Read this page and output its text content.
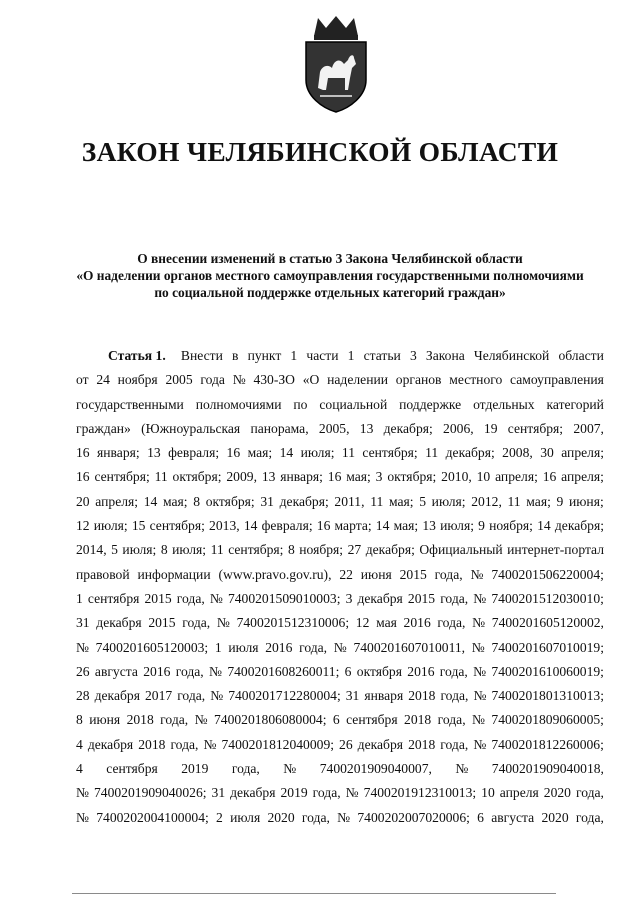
ЗАКОН ЧЕЛЯБИНСКОЙ ОБЛАСТИ
О внесении изменений в статью 3 Закона Челябинской области
«О наделении органов местного самоуправления государственными полномочиями
по социальной поддержке отдельных категорий граждан»
Статья 1. Внести в пункт 1 части 1 статьи 3 Закона Челябинской области
от 24 ноября 2005 года № 430-ЗО «О наделении органов местного самоуправления
государственными полномочиями по социальной поддержке отдельных категорий
граждан» (Южноуральская панорама, 2005, 13 декабря; 2006, 19 сентября; 2007,
16 января; 13 февраля; 16 мая; 14 июля; 11 сентября; 11 декабря; 2008, 30 апреля;
16 сентября; 11 октября; 2009, 13 января; 16 мая; 3 октября; 2010, 10 апреля; 16 апреля;
20 апреля; 14 мая; 8 октября; 31 декабря; 2011, 11 мая; 5 июля; 2012, 11 мая; 9 июня;
12 июля; 15 сентября; 2013, 14 февраля; 16 марта; 14 мая; 13 июля; 9 ноября; 14 декабря;
2014, 5 июля; 8 июля; 11 сентября; 8 ноября; 27 декабря; Официальный интернет-портал
правовой информации (www.pravo.gov.ru), 22 июня 2015 года, № 7400201506220004;
1 сентября 2015 года, № 7400201509010003; 3 декабря 2015 года, № 7400201512030010;
31 декабря 2015 года, № 7400201512310006; 12 мая 2016 года, № 7400201605120002,
№ 7400201605120003; 1 июля 2016 года, № 7400201607010011, № 7400201607010019;
26 августа 2016 года, № 7400201608260011; 6 октября 2016 года, № 7400201610060019;
28 декабря 2017 года, № 7400201712280004; 31 января 2018 года, № 7400201801310013;
8 июня 2018 года, № 7400201806080004; 6 сентября 2018 года, № 7400201809060005;
4 декабря 2018 года, № 7400201812040009; 26 декабря 2018 года, № 7400201812260006;
4 сентября 2019 года, № 7400201909040007, № 7400201909040018,
№ 7400201909040026; 31 декабря 2019 года, № 7400201912310013; 10 апреля 2020 года,
№ 7400202004100004; 2 июля 2020 года, № 7400202007020006; 6 августа 2020 года,
